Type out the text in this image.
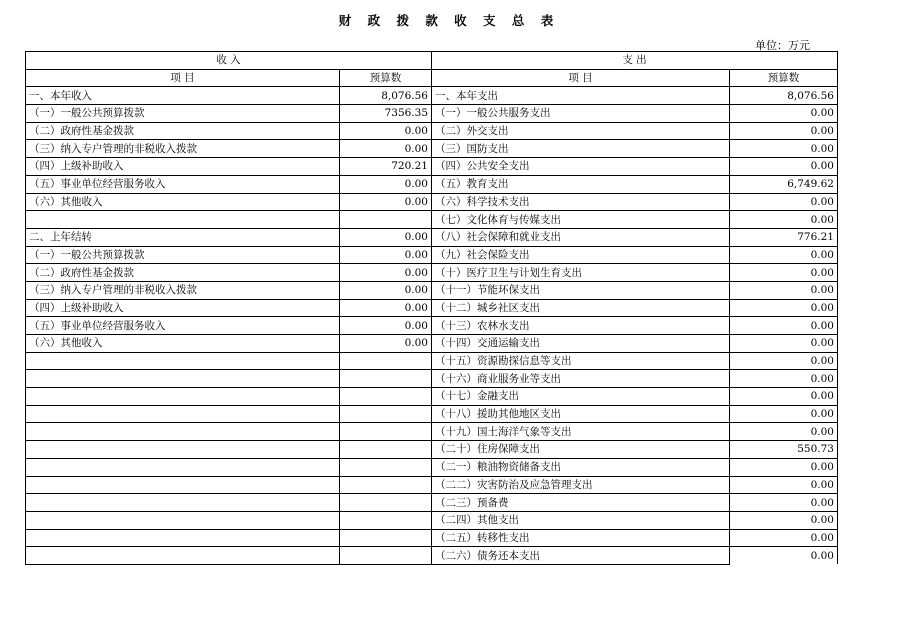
财 政 拨 款 收 支 总 表
单位：万元
收 入		支 出	
项 目	预算数	项 目	预算数
一、本年收入	8,076.56	一、本年支出	8,076.56
（一）一般公共预算拨款	7356.35	（一）一般公共服务支出	0.00
（二）政府性基金拨款	0.00	（二）外交支出	0.00
（三）纳入专户管理的非税收入拨款	0.00	（三）国防支出	0.00
（四）上级补助收入	720.21	（四）公共安全支出	0.00
（五）事业单位经营服务收入	0.00	（五）教育支出	6,749.62
（六）其他收入	0.00	（六）科学技术支出	0.00
		（七）文化体育与传媒支出	0.00
二、上年结转	0.00	（八）社会保障和就业支出	776.21
（一）一般公共预算拨款	0.00	（九）社会保险支出	0.00
（二）政府性基金拨款	0.00	（十）医疗卫生与计划生育支出	0.00
（三）纳入专户管理的非税收入拨款	0.00	（十一）节能环保支出	0.00
（四）上级补助收入	0.00	（十二）城乡社区支出	0.00
（五）事业单位经营服务收入	0.00	（十三）农林水支出	0.00
（六）其他收入	0.00	（十四）交通运输支出	0.00
		（十五）资源勘探信息等支出	0.00
		（十六）商业服务业等支出	0.00
		（十七）金融支出	0.00
		（十八）援助其他地区支出	0.00
		（十九）国土海洋气象等支出	0.00
		（二十）住房保障支出	550.73
		（二一）粮油物资储备支出	0.00
		（二二）灾害防治及应急管理支出	0.00
		（二三）预备费	0.00
		（二四）其他支出	0.00
		（二五）转移性支出	0.00
		（二六）债务还本支出	0.00
